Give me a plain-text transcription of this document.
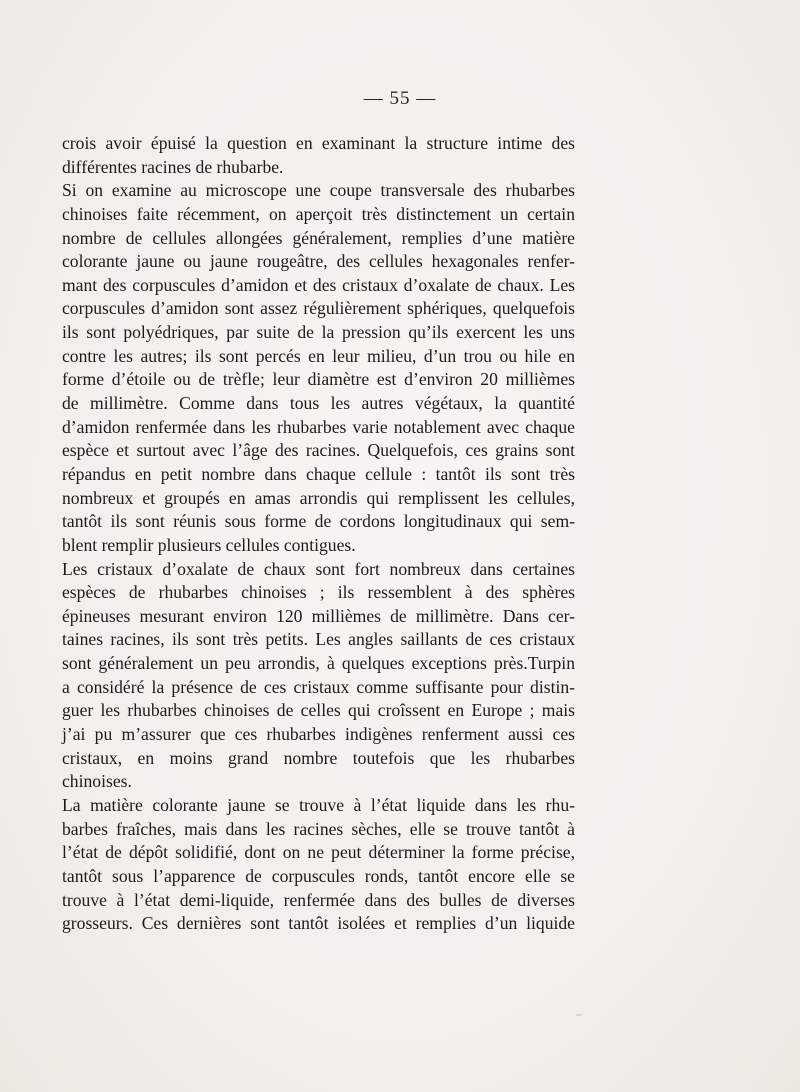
— 55 —
crois avoir épuisé la question en examinant la structure intime des
différentes racines de rhubarbe.
Si on examine au microscope une coupe transversale des rhubarbes
chinoises faite récemment, on aperçoit très distinctement un certain
nombre de cellules allongées généralement, remplies d’une matière
colorante jaune ou jaune rougeâtre, des cellules hexagonales renfer-
mant des corpuscules d’amidon et des cristaux d’oxalate de chaux. Les
corpuscules d’amidon sont assez régulièrement sphériques, quelquefois
ils sont polyédriques, par suite de la pression qu’ils exercent les uns
contre les autres; ils sont percés en leur milieu, d’un trou ou hile en
forme d’étoile ou de trèfle; leur diamètre est d’environ 20 millièmes
de millimètre. Comme dans tous les autres végétaux, la quantité
d’amidon renfermée dans les rhubarbes varie notablement avec chaque
espèce et surtout avec l’âge des racines. Quelquefois, ces grains sont
répandus en petit nombre dans chaque cellule : tantôt ils sont très
nombreux et groupés en amas arrondis qui remplissent les cellules,
tantôt ils sont réunis sous forme de cordons longitudinaux qui sem-
blent remplir plusieurs cellules contigues.
Les cristaux d’oxalate de chaux sont fort nombreux dans certaines
espèces de rhubarbes chinoises ; ils ressemblent à des sphères
épineuses mesurant environ 120 millièmes de millimètre. Dans cer-
taines racines, ils sont très petits. Les angles saillants de ces cristaux
sont généralement un peu arrondis, à quelques exceptions près.Turpin
a considéré la présence de ces cristaux comme suffisante pour distin-
guer les rhubarbes chinoises de celles qui croîssent en Europe ; mais
j’ai pu m’assurer que ces rhubarbes indigènes renferment aussi ces
cristaux, en moins grand nombre toutefois que les rhubarbes
chinoises.
La matière colorante jaune se trouve à l’état liquide dans les rhu-
barbes fraîches, mais dans les racines sèches, elle se trouve tantôt à
l’état de dépôt solidifié, dont on ne peut déterminer la forme précise,
tantôt sous l’apparence de corpuscules ronds, tantôt encore elle se
trouve à l’état demi-liquide, renfermée dans des bulles de diverses
grosseurs. Ces dernières sont tantôt isolées et remplies d’un liquide
